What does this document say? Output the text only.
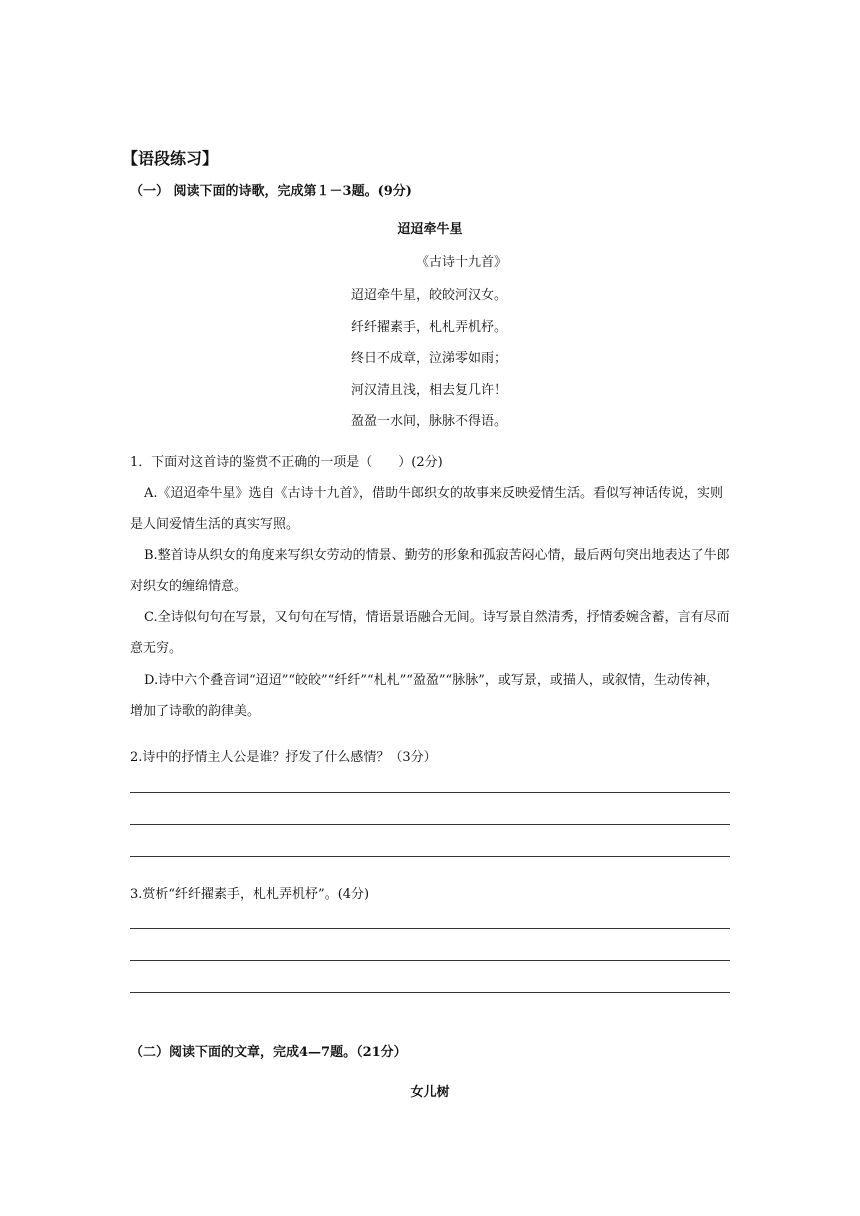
【语段练习】
（一） 阅读下面的诗歌，完成第１－3题。(9分)
迢迢牵牛星
《古诗十九首》
迢迢牵牛星，皎皎河汉女。
纤纤擢素手，札札弄机杼。
终日不成章，泣涕零如雨；
河汉清且浅，相去复几许！
盈盈一水间，脉脉不得语。
1．下面对这首诗的鉴赏不正确的一项是（　　）(2分)
A.《迢迢牵牛星》选自《古诗十九首》，借助牛郎织女的故事来反映爱情生活。看似写神话传说，实则是人间爱情生活的真实写照。
B.整首诗从织女的角度来写织女劳动的情景、勤劳的形象和孤寂苦闷心情，最后两句突出地表达了牛郎对织女的缠绵情意。
C.全诗似句句在写景，又句句在写情，情语景语融合无间。诗写景自然清秀，抒情委婉含蓄，言有尽而意无穷。
D.诗中六个叠音词“迢迢”“皎皎”“纤纤”“札札”“盈盈”“脉脉”，或写景，或描人，或叙情，生动传神，增加了诗歌的韵律美。
2.诗中的抒情主人公是谁？抒发了什么感情？（3分）
3.赏析“纤纤擢素手，札札弄机杼”。(4分)
（二）阅读下面的文章，完成4—7题。（21分）
女儿树
